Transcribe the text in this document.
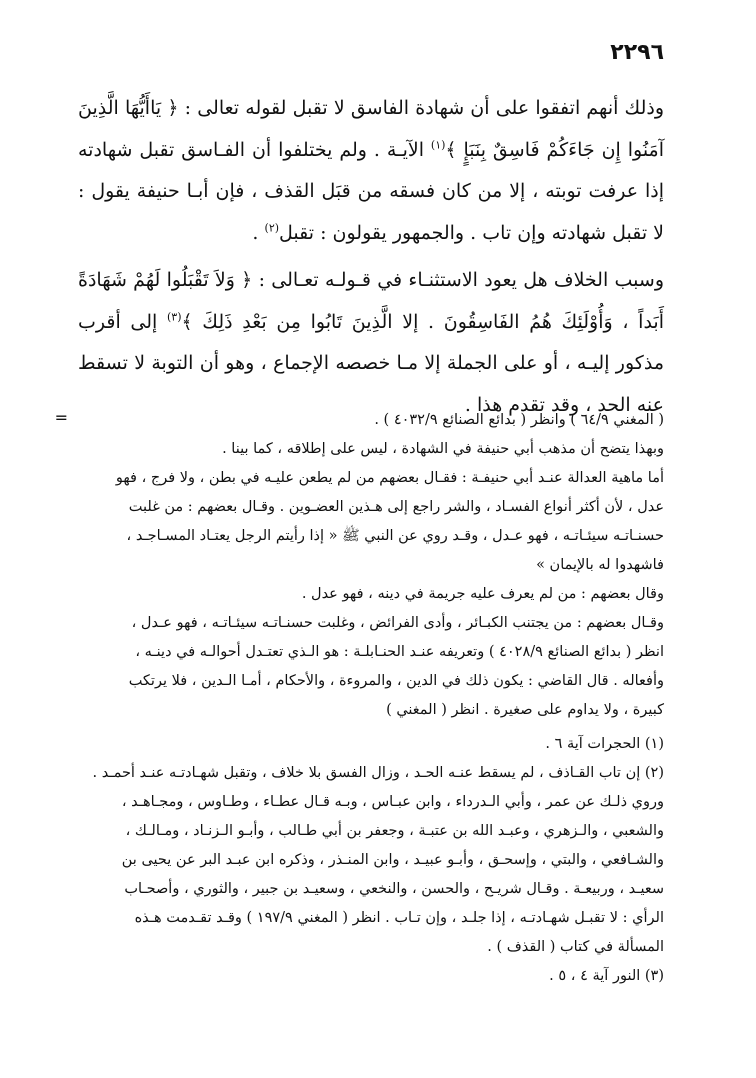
٢٢٩٦

وذلك أنهم اتفقوا على أن شهادة الفاسق لا تقبل لقوله تعالى : ﴿ يَاأَيُّهَا الَّذِينَ آمَنُوا إِن جَاءَكُمْ فَاسِقٌ بِنَبَإٍ ﴾$^{(١)}$ الآيـة . ولم يختلفوا أن الفـاسق تقبل شهادته إذا عرفت توبته ، إلا من كان فسقه من قبَل القذف ، فإن أبـا حنيفة يقول : لا تقبل شهادته وإن تاب . والجمهور يقولون : تقبل$^{(٢)}$ .

وسبب الخلاف هل يعود الاستثنـاء في قـولـه تعـالى : ﴿ وَلاَ تَقْبَلُوا لَهُمْ شَهَادَةً أَبَداً ، وَأُوْلَئِكَ هُمُ الفَاسِقُونَ . إلا الَّذِينَ تَابُوا مِن بَعْدِ ذَلِكَ ﴾$^{(٣)}$ إلى أقرب مذكور إليـه ، أو على الجملة إلا مـا خصصه الإجماع ، وهو أن التوبة لا تسقط عنه الحد ، وقد تقدم هذا .

=	( المغني ٦٤/٩ ) وانظر ( بدائع الصنائع ٤٠٣٢/٩ ) .
وبهذا يتضح أن مذهب أبي حنيفة في الشهادة ، ليس على إطلاقه ، كما بينا .
أما ماهية العدالة عنـد أبي حنيفـة : فقـال بعضهم من لم يطعن عليـه في بطن ، ولا فرج ، فهو
عدل ، لأن أكثر أنواع الفسـاد ، والشر راجع إلى هـذين العضـوين . وقـال بعضهم : من غلبت
حسنـاتـه سيئـاتـه ، فهو عـدل ، وقـد روي عن النبي ﷺ « إذا رأيتم الرجل يعتـاد المسـاجـد ،
فاشهدوا له بالإيمان »
وقال بعضهم : من لم يعرف عليه جريمة في دينه ، فهو عدل .
وقـال بعضهم : من يجتنب الكبـائر ، وأدى الفرائض ، وغلبت حسنـاتـه سيئـاتـه ، فهو عـدل ،
انظر ( بدائع الصنائع ٤٠٢٨/٩ ) وتعريفه عنـد الحنـابلـة : هو الـذي تعتـدل أحوالـه في دينـه ،
وأفعاله . قال القاضي : يكون ذلك في الدين ، والمروءة ، والأحكام ، أمـا الـدين ، فلا يرتكب
كبيرة ، ولا يداوم على صغيرة . انظر ( المغني )
(١) الحجرات آية ٦ .
(٢) إن تاب القـاذف ، لم يسقط عنـه الحـد ، وزال الفسق بلا خلاف ، وتقبل شهـادتـه عنـد أحمـد .
وروي ذلـك عن عمر ، وأبي الـدرداء ، وابن عبـاس ، وبـه قـال عطـاء ، وطـاوس ، ومجـاهـد ،
والشعبي ، والـزهري ، وعبـد الله بن عتبـة ، وجعفر بن أبي طـالب ، وأبـو الـزنـاد ، ومـالـك ،
والشـافعي ، والبتي ، وإسحـق ، وأبـو عبيـد ، وابن المنـذر ، وذكره ابن عبـد البر عن يحيى بن
سعيـد ، وربيعـة . وقـال شريـح ، والحسن ، والنخعي ، وسعيـد بن جبير ، والثوري ، وأصحـاب
الرأي : لا تقبـل شهـادتـه ، إذا جلـد ، وإن تـاب . انظر ( المغني ١٩٧/٩ ) وقـد تقـدمت هـذه
المسألة في كتاب ( القذف ) .
(٣) النور آية ٤ ، ٥ .
